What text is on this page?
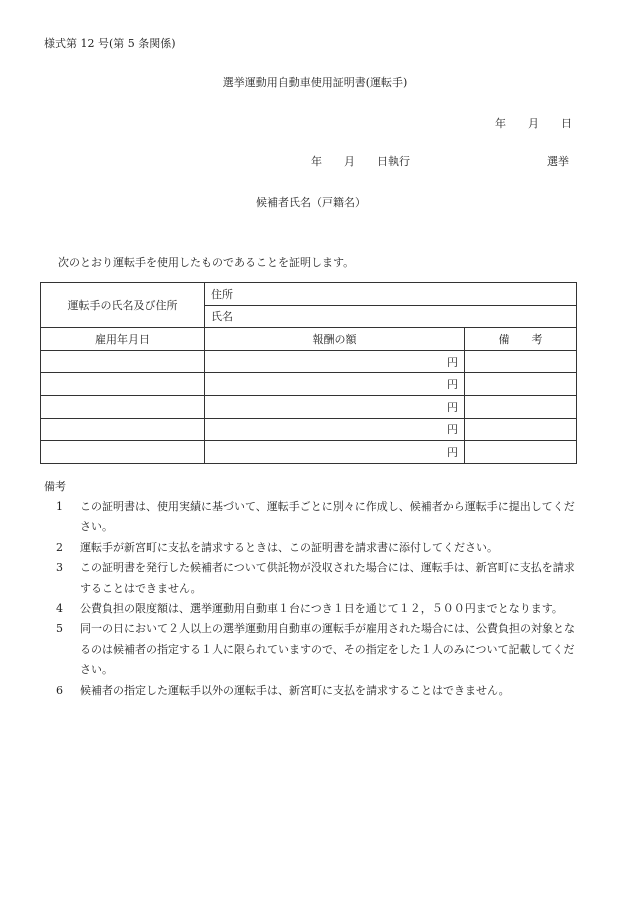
様式第 12 号(第 5 条関係)
選挙運動用自動車使用証明書(運転手)
年 月 日
年 月 日執行	選挙
候補者氏名（戸籍名）
次のとおり運転手を使用したものであることを証明します。
運転手の氏名及び住所	住所	
	氏名	
雇用年月日	報酬の額	備　　考
	円	
	円	
	円	
	円	
	円	
備考
1	この証明書は、使用実績に基づいて、運転手ごとに別々に作成し、候補者から運転手に提出してください。
2	運転手が新宮町に支払を請求するときは、この証明書を請求書に添付してください。
3	この証明書を発行した候補者について供託物が没収された場合には、運転手は、新宮町に支払を請求することはできません。
4	公費負担の限度額は、選挙運動用自動車１台につき１日を通じて１２，５００円までとなります。
5	同一の日において２人以上の選挙運動用自動車の運転手が雇用された場合には、公費負担の対象となるのは候補者の指定する１人に限られていますので、その指定をした１人のみについて記載してください。
6	候補者の指定した運転手以外の運転手は、新宮町に支払を請求することはできません。
